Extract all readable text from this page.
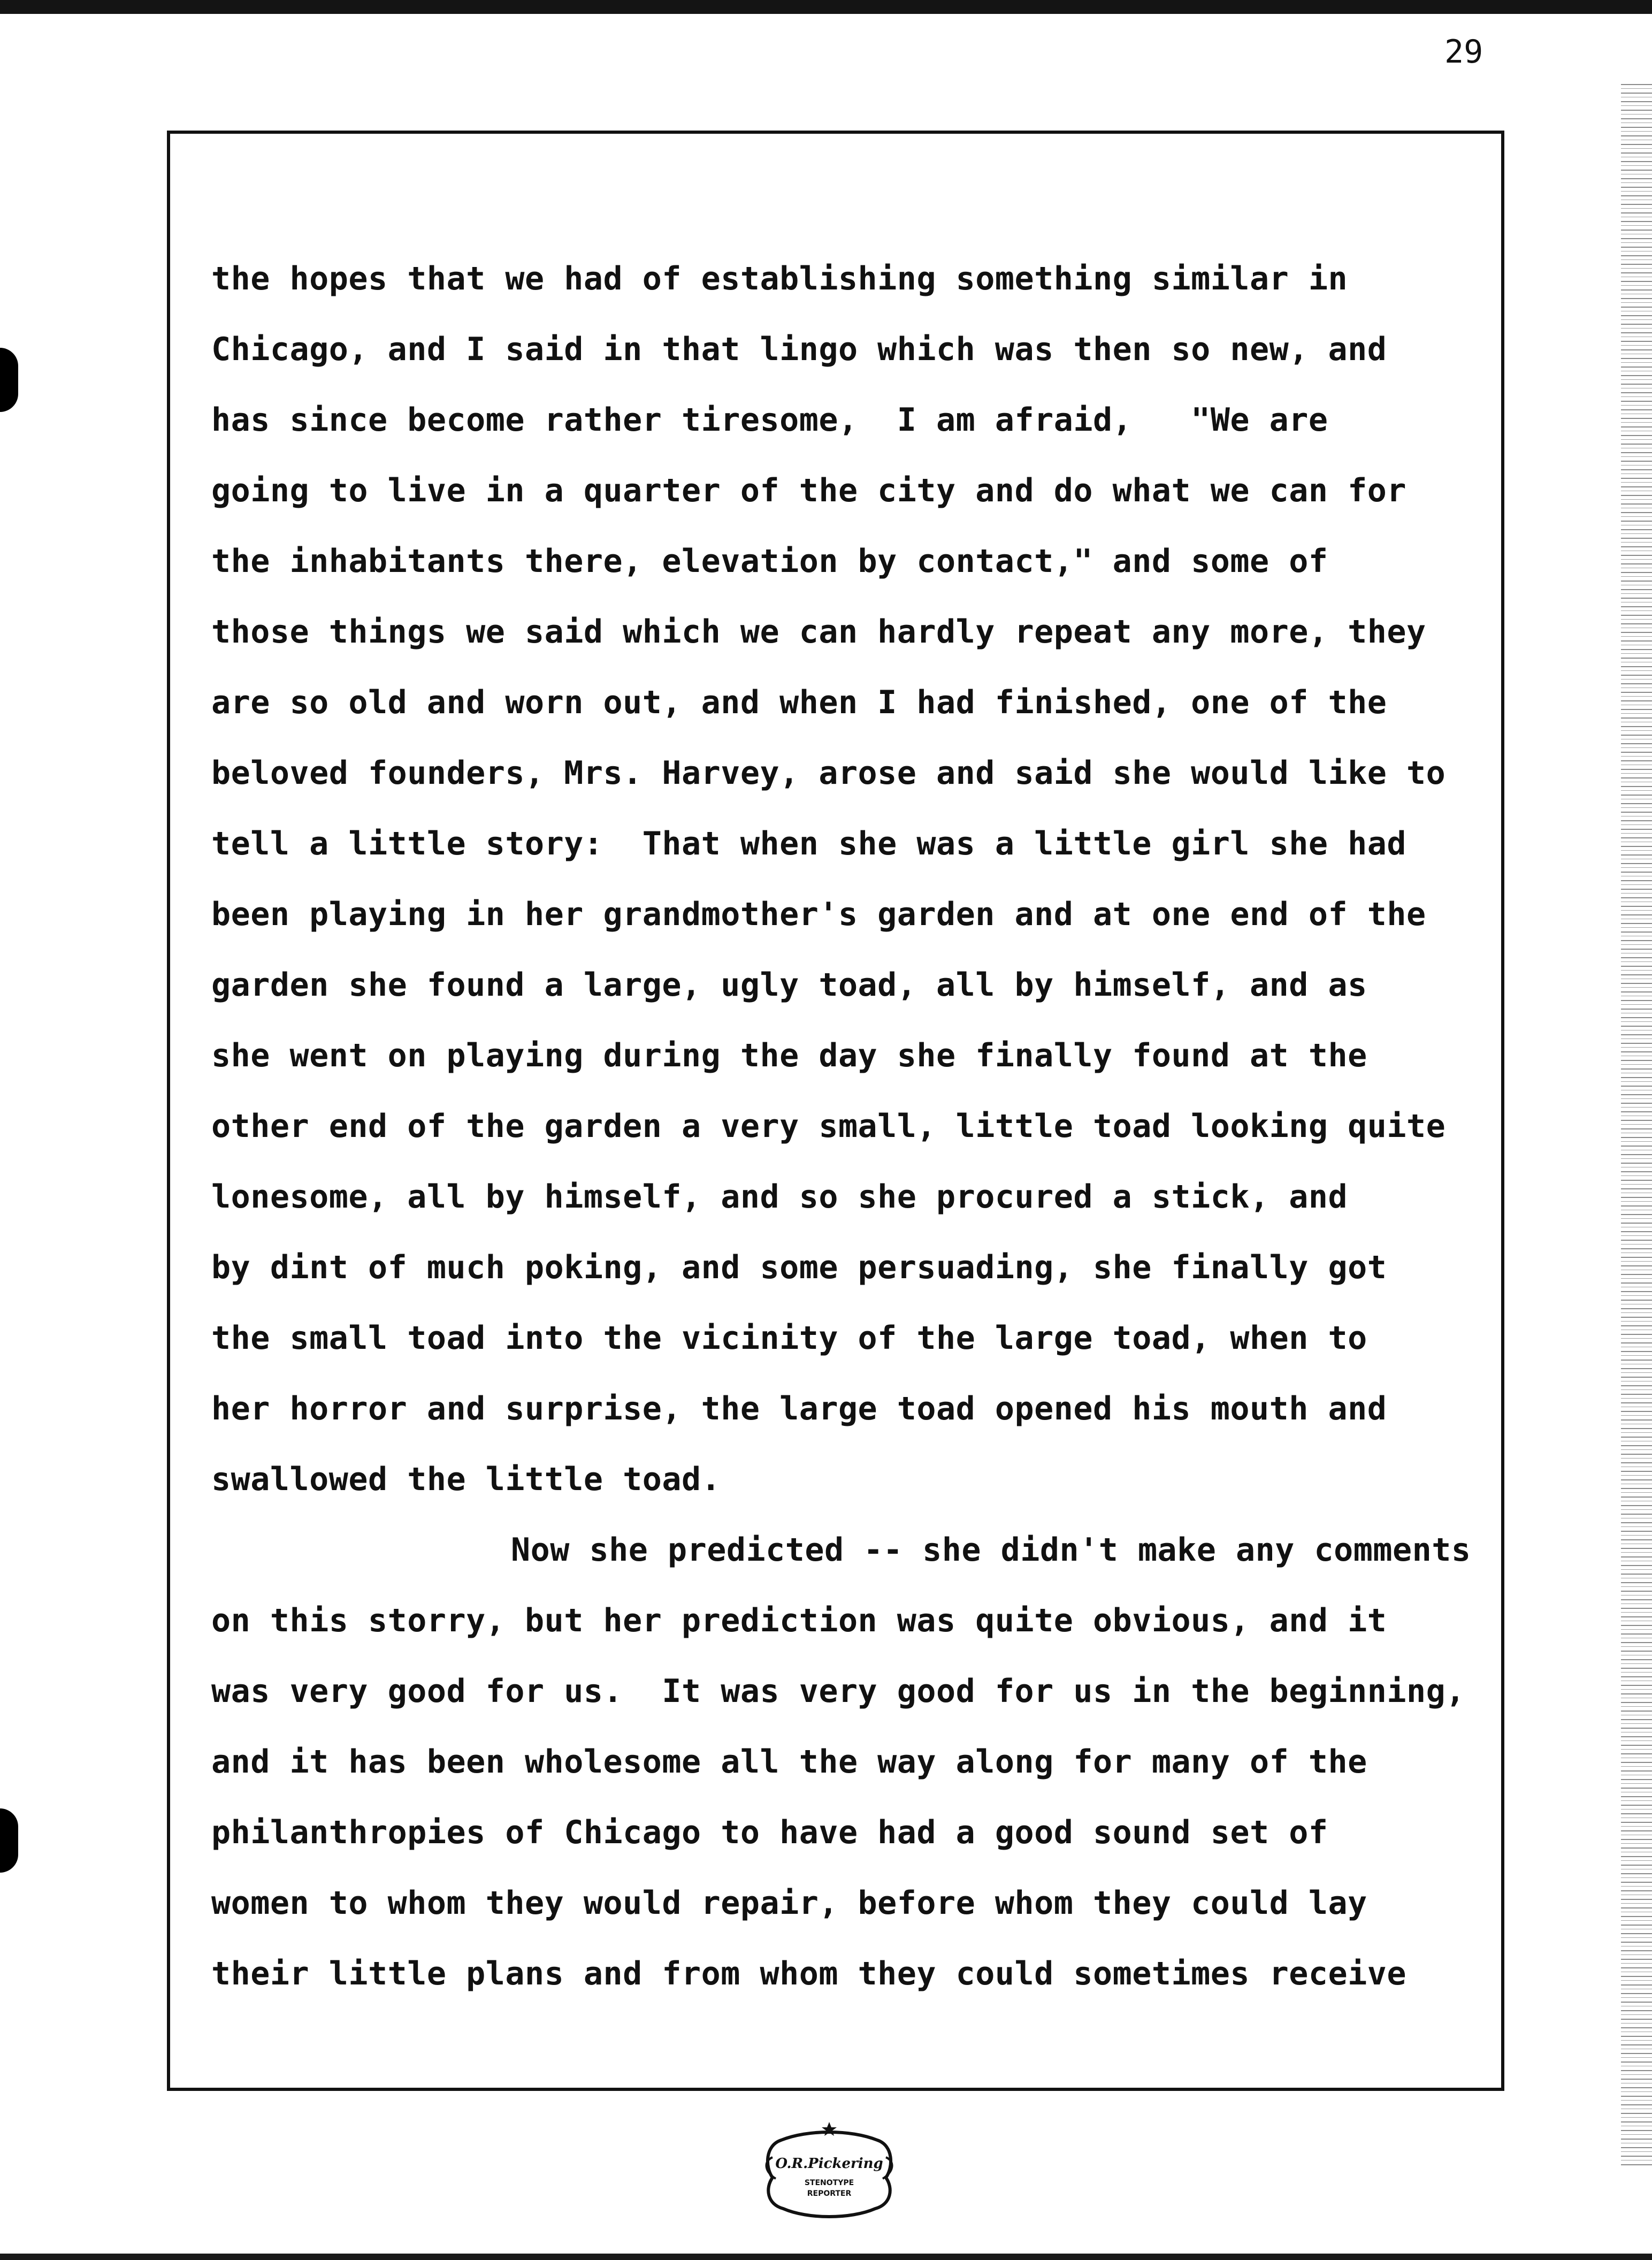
29
the hopes that we had of establishing something similar in
Chicago, and I said in that lingo which was then so new, and
has since become rather tiresome,  I am afraid,   "We are
going to live in a quarter of the city and do what we can for
the inhabitants there, elevation by contact," and some of
those things we said which we can hardly repeat any more, they
are so old and worn out, and when I had finished, one of the
beloved founders, Mrs. Harvey, arose and said she would like to
tell a little story:  That when she was a little girl she had
been playing in her grandmother's garden and at one end of the
garden she found a large, ugly toad, all by himself, and as
she went on playing during the day she finally found at the
other end of the garden a very small, little toad looking quite
lonesome, all by himself, and so she procured a stick, and
by dint of much poking, and some persuading, she finally got
the small toad into the vicinity of the large toad, when to
her horror and surprise, the large toad opened his mouth and
swallowed the little toad.
Now she predicted -- she didn't make any comments
on this storry, but her prediction was quite obvious, and it
was very good for us.  It was very good for us in the beginning,
and it has been wholesome all the way along for many of the
philanthropies of Chicago to have had a good sound set of
women to whom they would repair, before whom they could lay
their little plans and from whom they could sometimes receive
O.R.Pickering
STENOTYPE
REPORTER
